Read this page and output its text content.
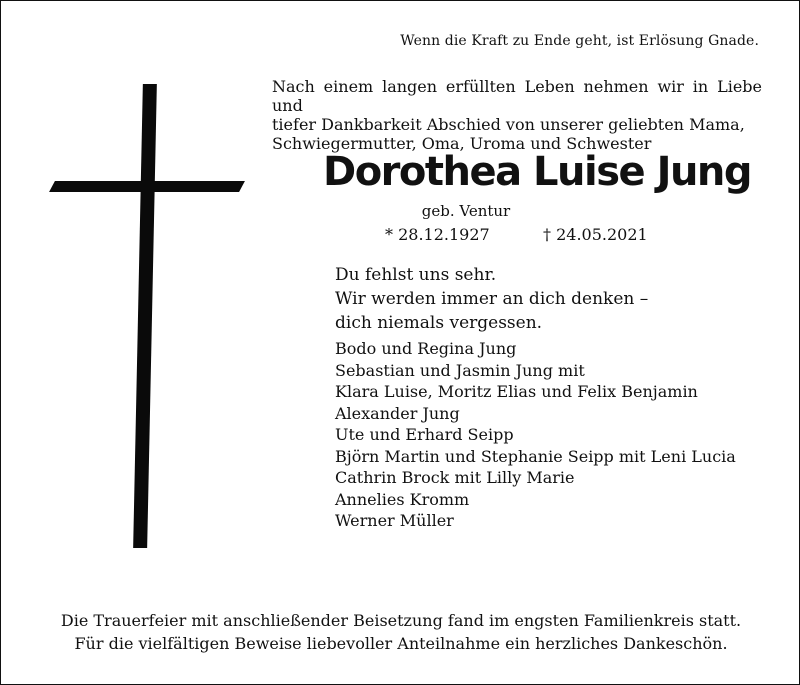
Wenn die Kraft zu Ende geht, ist Erlösung Gnade.
Nach einem langen erfüllten Leben nehmen wir in Liebe und
tiefer Dankbarkeit Abschied von unserer geliebten Mama,
Schwiegermutter, Oma, Uroma und Schwester
Dorothea Luise Jung
geb. Ventur
* 28.12.1927	† 24.05.2021
Du fehlst uns sehr.
Wir werden immer an dich denken –
dich niemals vergessen.
Bodo und Regina Jung
Sebastian und Jasmin Jung mit
Klara Luise, Moritz Elias und Felix Benjamin
Alexander Jung
Ute und Erhard Seipp
Björn Martin und Stephanie Seipp mit Leni Lucia
Cathrin Brock mit Lilly Marie
Annelies Kromm
Werner Müller
Die Trauerfeier mit anschließender Beisetzung fand im engsten Familienkreis statt.
Für die vielfältigen Beweise liebevoller Anteilnahme ein herzliches Dankeschön.
